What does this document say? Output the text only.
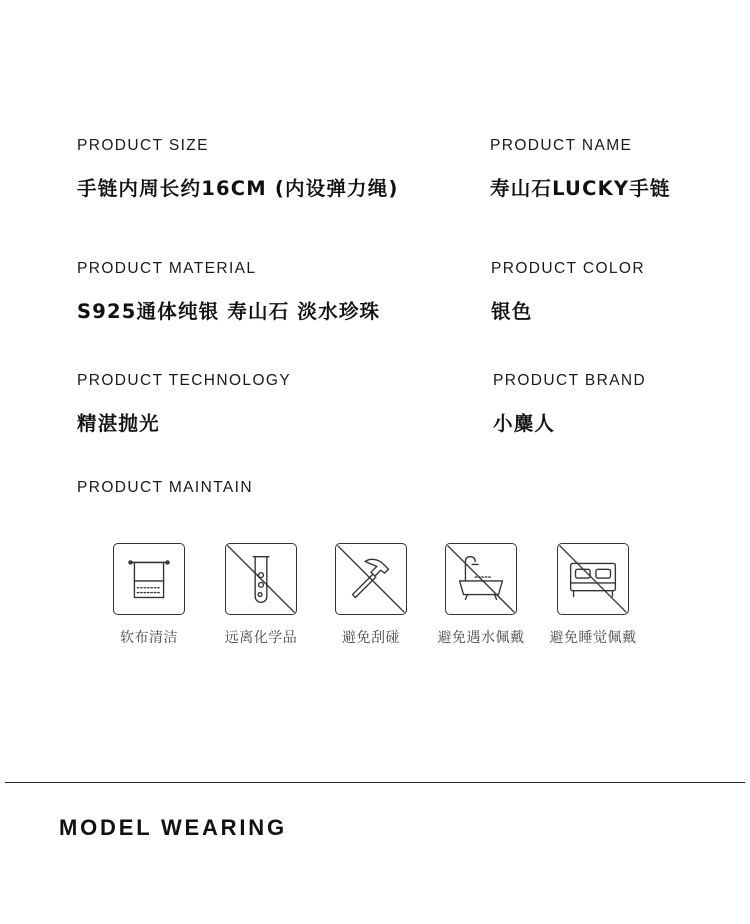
PRODUCT SIZE
手链内周长约16CM (内设弹力绳)
PRODUCT NAME
寿山石LUCKY手链
PRODUCT MATERIAL
S925通体纯银 寿山石 淡水珍珠
PRODUCT COLOR
银色
PRODUCT TECHNOLOGY
精湛抛光
PRODUCT BRAND
小麋人
PRODUCT MAINTAIN
软布清洁	远离化学品	避免刮碰	避免遇水佩戴	避免睡觉佩戴
MODEL WEARING
